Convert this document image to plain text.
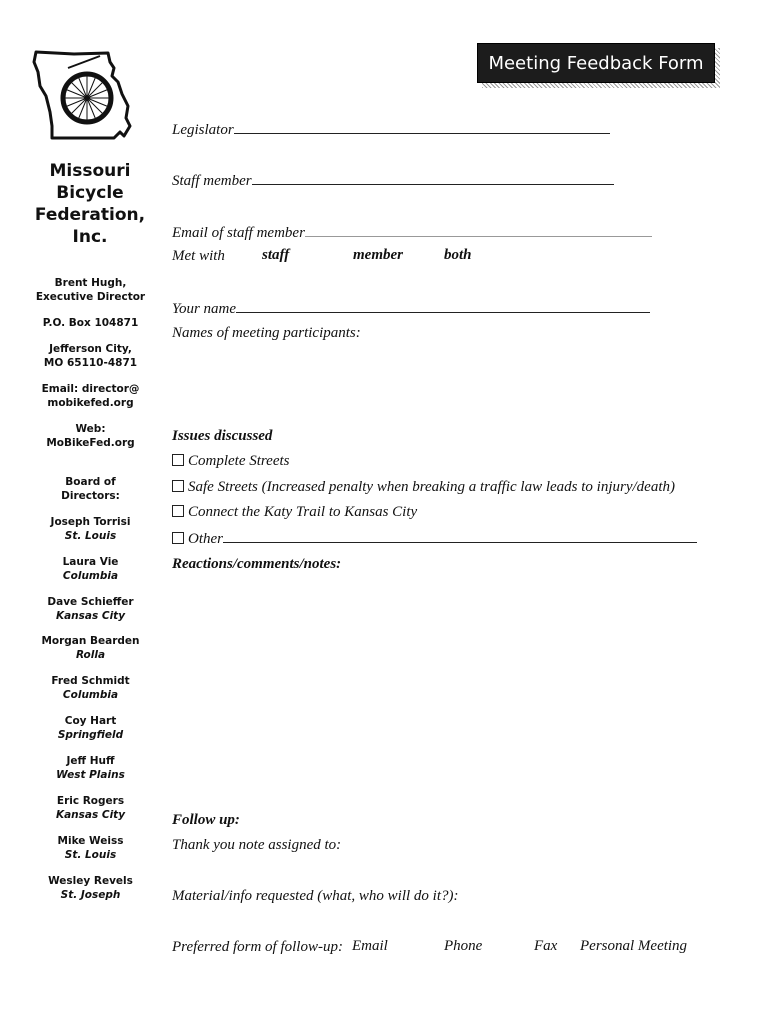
Missouri
Bicycle
Federation,
Inc.
Brent Hugh,
Executive Director
P.O. Box 104871
Jefferson City,
MO 65110-4871
Email: director@
mobikefed.org
Web:
MoBikeFed.org
Board of
Directors:
Joseph Torrisi
St. Louis
Laura Vie
Columbia
Dave Schieffer
Kansas City
Morgan Bearden
Rolla
Fred Schmidt
Columbia
Coy Hart
Springfield
Jeff Huff
West Plains
Eric Rogers
Kansas City
Mike Weiss
St. Louis
Wesley Revels
St. Joseph
Meeting Feedback Form
Legislator
Staff member
Email of staff member
Met with staff	member	both
Your name
Names of meeting participants:
Issues discussed
Complete Streets
Safe Streets (Increased penalty when breaking a traffic law leads to injury/death)
Connect the Katy Trail to Kansas City
Other
Reactions/comments/notes:
Follow up:
Thank you note assigned to:
Material/info requested (what, who will do it?):
Preferred form of follow-up: Email	Phone	Fax Personal Meeting
